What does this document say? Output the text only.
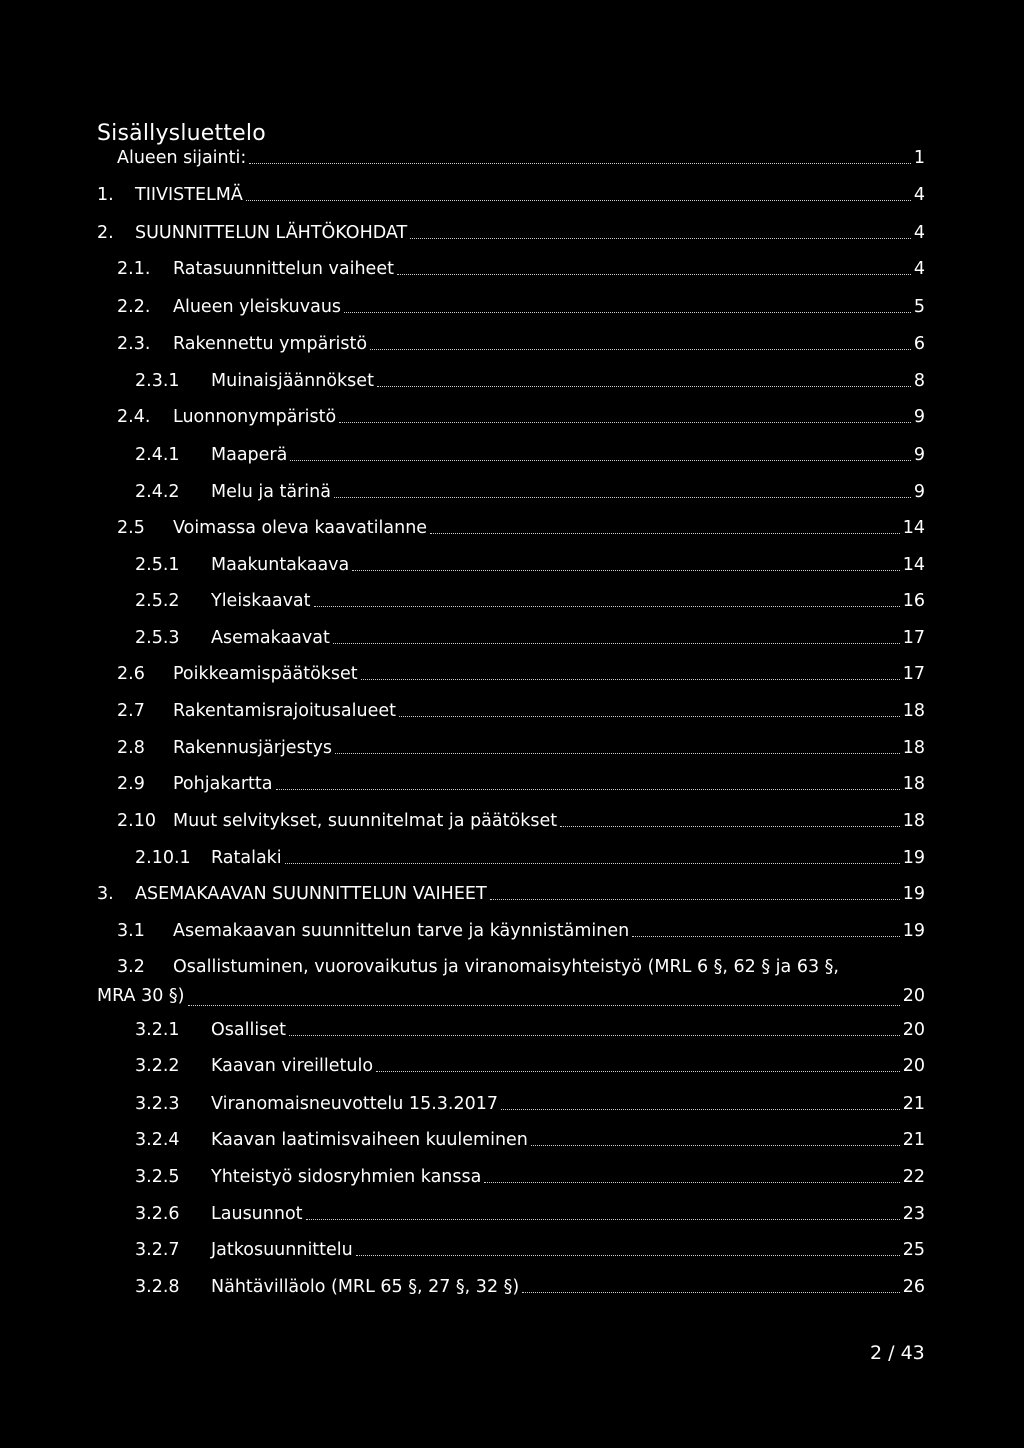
Sisällysluettelo
Alueen sijainti:	1
1.	TIIVISTELMÄ	4
2.	SUUNNITTELUN LÄHTÖKOHDAT	4
2.1.	Ratasuunnittelun vaiheet	4
2.2.	Alueen yleiskuvaus	5
2.3.	Rakennettu ympäristö	6
2.3.1	Muinaisjäännökset	8
2.4.	Luonnonympäristö	9
2.4.1	Maaperä	9
2.4.2	Melu ja tärinä	9
2.5	Voimassa oleva kaavatilanne	14
2.5.1	Maakuntakaava	14
2.5.2	Yleiskaavat	16
2.5.3	Asemakaavat	17
2.6	Poikkeamispäätökset	17
2.7	Rakentamisrajoitusalueet	18
2.8	Rakennusjärjestys	18
2.9	Pohjakartta	18
2.10 Muut selvitykset, suunnitelmat ja päätökset	18
2.10.1	Ratalaki	19
3.	ASEMAKAAVAN SUUNNITTELUN VAIHEET	19
3.1	Asemakaavan suunnittelun tarve ja käynnistäminen	19
3.2	Osallistuminen, vuorovaikutus ja viranomaisyhteistyö (MRL 6 §, 62 § ja 63 §,
MRA 30 §)	20
3.2.1	Osalliset	20
3.2.2	Kaavan vireilletulo	20
3.2.3	Viranomaisneuvottelu 15.3.2017	21
3.2.4	Kaavan laatimisvaiheen kuuleminen	21
3.2.5	Yhteistyö sidosryhmien kanssa	22
3.2.6	Lausunnot	23
3.2.7	Jatkosuunnittelu	25
3.2.8	Nähtävilläolo (MRL 65 §, 27 §, 32 §)	26
2 / 43
